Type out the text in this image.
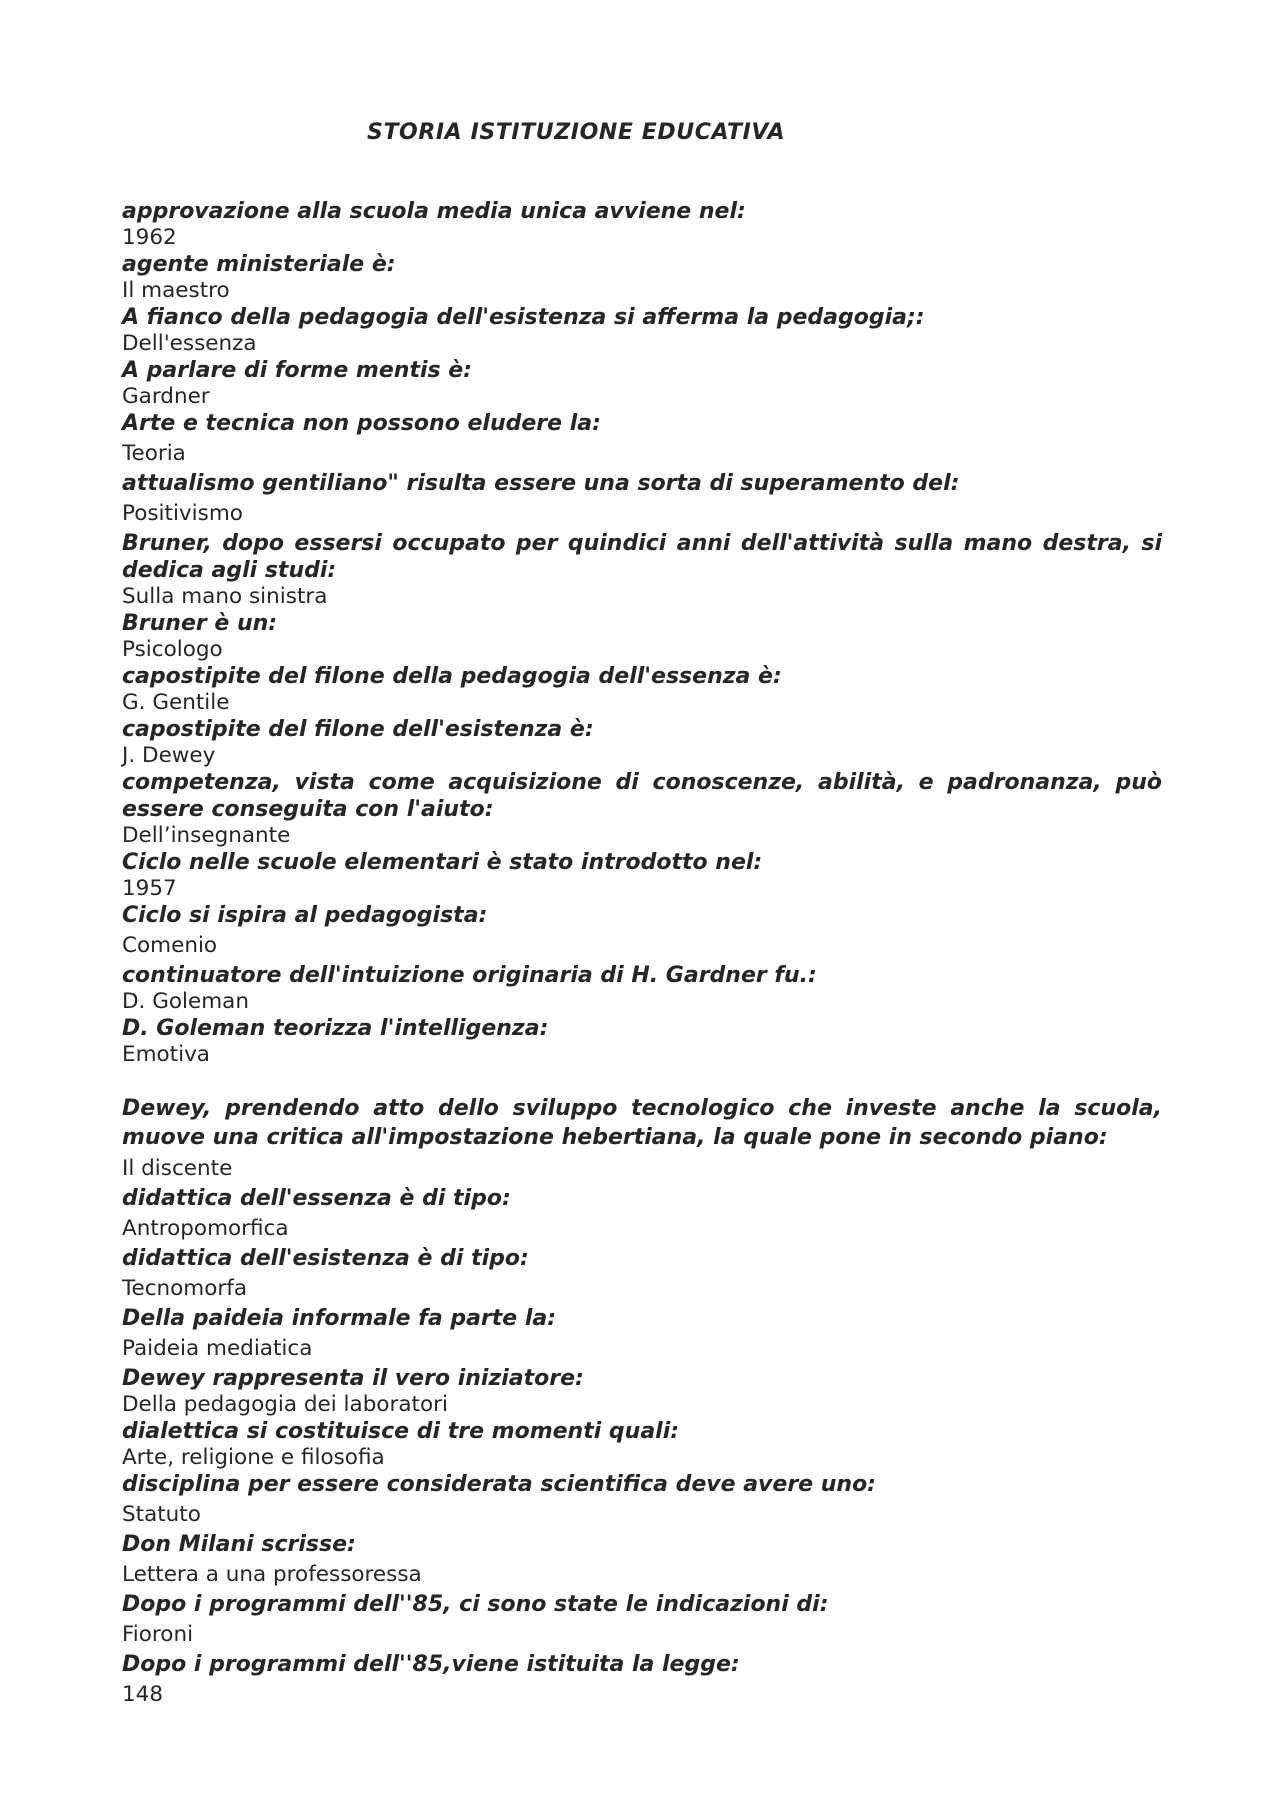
STORIA ISTITUZIONE EDUCATIVA

approvazione alla scuola media unica avviene nel:

1962

agente ministeriale è:

Il maestro

A fianco della pedagogia dell'esistenza si afferma la pedagogia;:

Dell'essenza

A parlare di forme mentis è:

Gardner

Arte e tecnica non possono eludere la:

Teoria

attualismo gentiliano" risulta essere una sorta di superamento del:

Positivismo

Bruner, dopo essersi occupato per quindici anni dell'attività sulla mano destra, si dedica agli studi:

Sulla mano sinistra

Bruner è un:

Psicologo

capostipite del filone della pedagogia dell'essenza è:

G. Gentile

capostipite del filone dell'esistenza è:

J. Dewey

competenza, vista come acquisizione di conoscenze, abilità, e padronanza, può essere conseguita con l'aiuto:

Dell’insegnante

Ciclo nelle scuole elementari è stato introdotto nel:

1957

Ciclo si ispira al pedagogista:

Comenio

continuatore dell'intuizione originaria di H. Gardner fu.:

D. Goleman

D. Goleman teorizza l'intelligenza:

Emotiva

Dewey, prendendo atto dello sviluppo tecnologico che investe anche la scuola, muove una critica all'impostazione hebertiana, la quale pone in secondo piano:

Il discente

didattica dell'essenza è di tipo:

Antropomorfica

didattica dell'esistenza è di tipo:

Tecnomorfa

Della paideia informale fa parte la:

Paideia mediatica

Dewey rappresenta il vero iniziatore:

Della pedagogia dei laboratori

dialettica si costituisce di tre momenti quali:

Arte, religione e filosofia

disciplina per essere considerata scientifica deve avere uno:

Statuto

Don Milani scrisse:

Lettera a una professoressa

Dopo i programmi dell''85, ci sono state le indicazioni di:

Fioroni

Dopo i programmi dell''85,viene istituita la legge:

148
